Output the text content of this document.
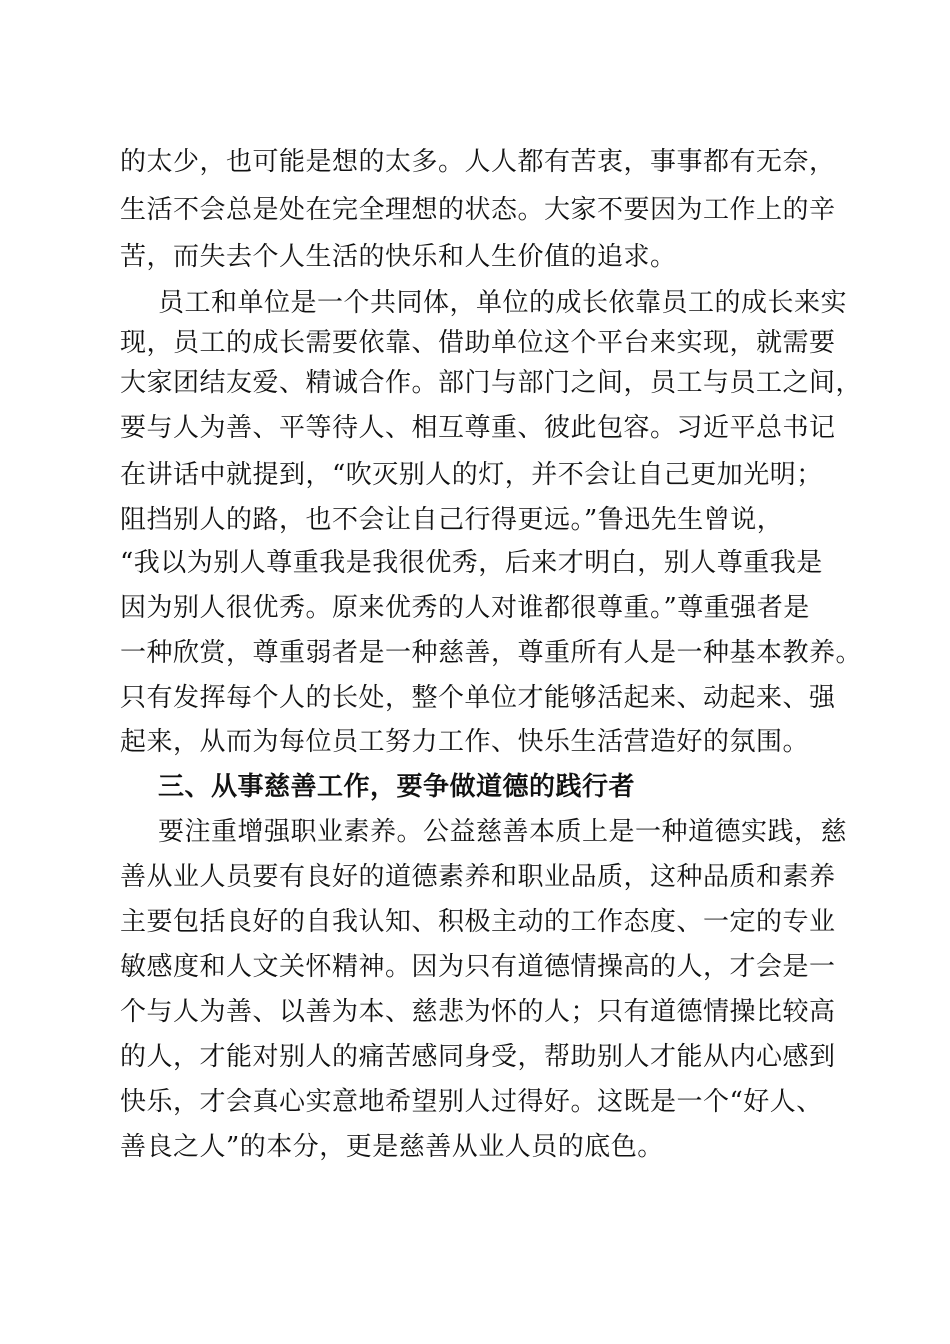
的太少，也可能是想的太多。人人都有苦衷，事事都有无奈，
生活不会总是处在完全理想的状态。大家不要因为工作上的辛
苦，而失去个人生活的快乐和人生价值的追求。
员工和单位是一个共同体，单位的成长依靠员工的成长来实
现，员工的成长需要依靠、借助单位这个平台来实现，就需要
大家团结友爱、精诚合作。部门与部门之间，员工与员工之间，
要与人为善、平等待人、相互尊重、彼此包容。习近平总书记
在讲话中就提到，“吹灭别人的灯，并不会让自己更加光明；
阻挡别人的路，也不会让自己行得更远。”鲁迅先生曾说，
“我以为别人尊重我是我很优秀，后来才明白，别人尊重我是
因为别人很优秀。原来优秀的人对谁都很尊重。”尊重强者是
一种欣赏，尊重弱者是一种慈善，尊重所有人是一种基本教养。
只有发挥每个人的长处，整个单位才能够活起来、动起来、强
起来，从而为每位员工努力工作、快乐生活营造好的氛围。
三、从事慈善工作，要争做道德的践行者
要注重增强职业素养。公益慈善本质上是一种道德实践，慈
善从业人员要有良好的道德素养和职业品质，这种品质和素养
主要包括良好的自我认知、积极主动的工作态度、一定的专业
敏感度和人文关怀精神。因为只有道德情操高的人，才会是一
个与人为善、以善为本、慈悲为怀的人；只有道德情操比较高
的人，才能对别人的痛苦感同身受，帮助别人才能从内心感到
快乐，才会真心实意地希望别人过得好。这既是一个“好人、
善良之人”的本分，更是慈善从业人员的底色。
